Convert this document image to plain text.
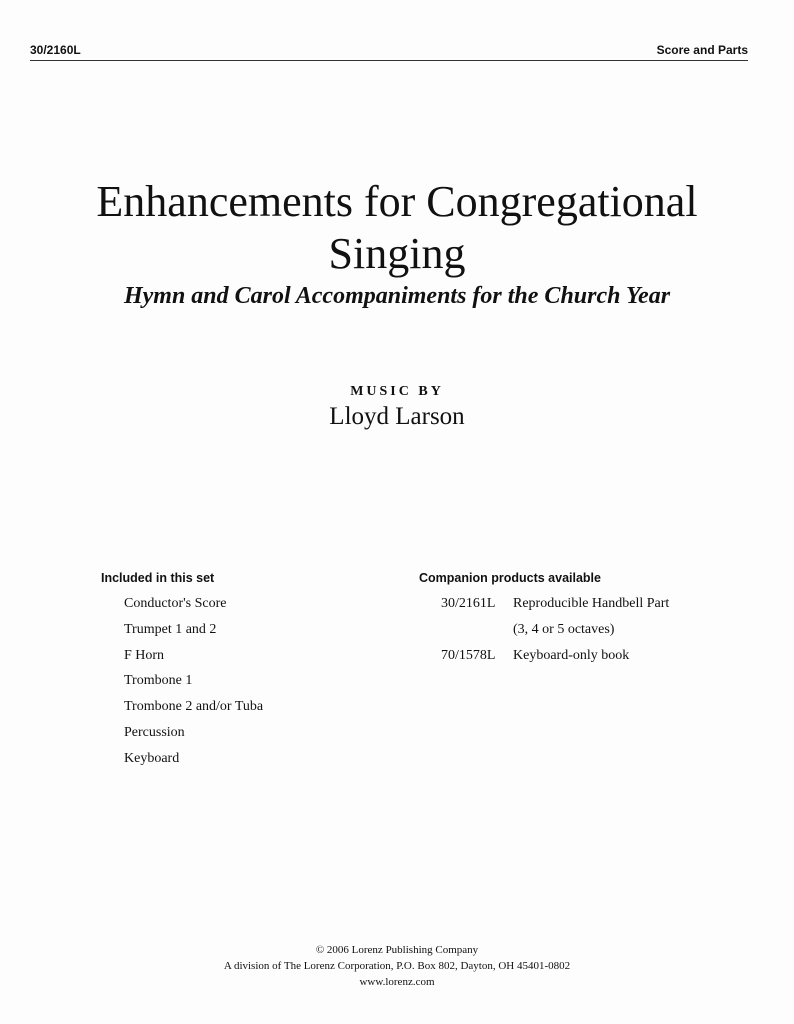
30/2160L	Score and Parts
Enhancements for Congregational
Singing
Hymn and Carol Accompaniments for the Church Year
MUSIC BY
Lloyd Larson
Included in this set
Conductor's Score
Trumpet 1 and 2
F Horn
Trombone 1
Trombone 2 and/or Tuba
Percussion
Keyboard
Companion products available
30/2161L Reproducible Handbell Part
(3, 4 or 5 octaves)
70/1578L Keyboard-only book
© 2006 Lorenz Publishing Company
A division of The Lorenz Corporation, P.O. Box 802, Dayton, OH 45401-0802
www.lorenz.com
